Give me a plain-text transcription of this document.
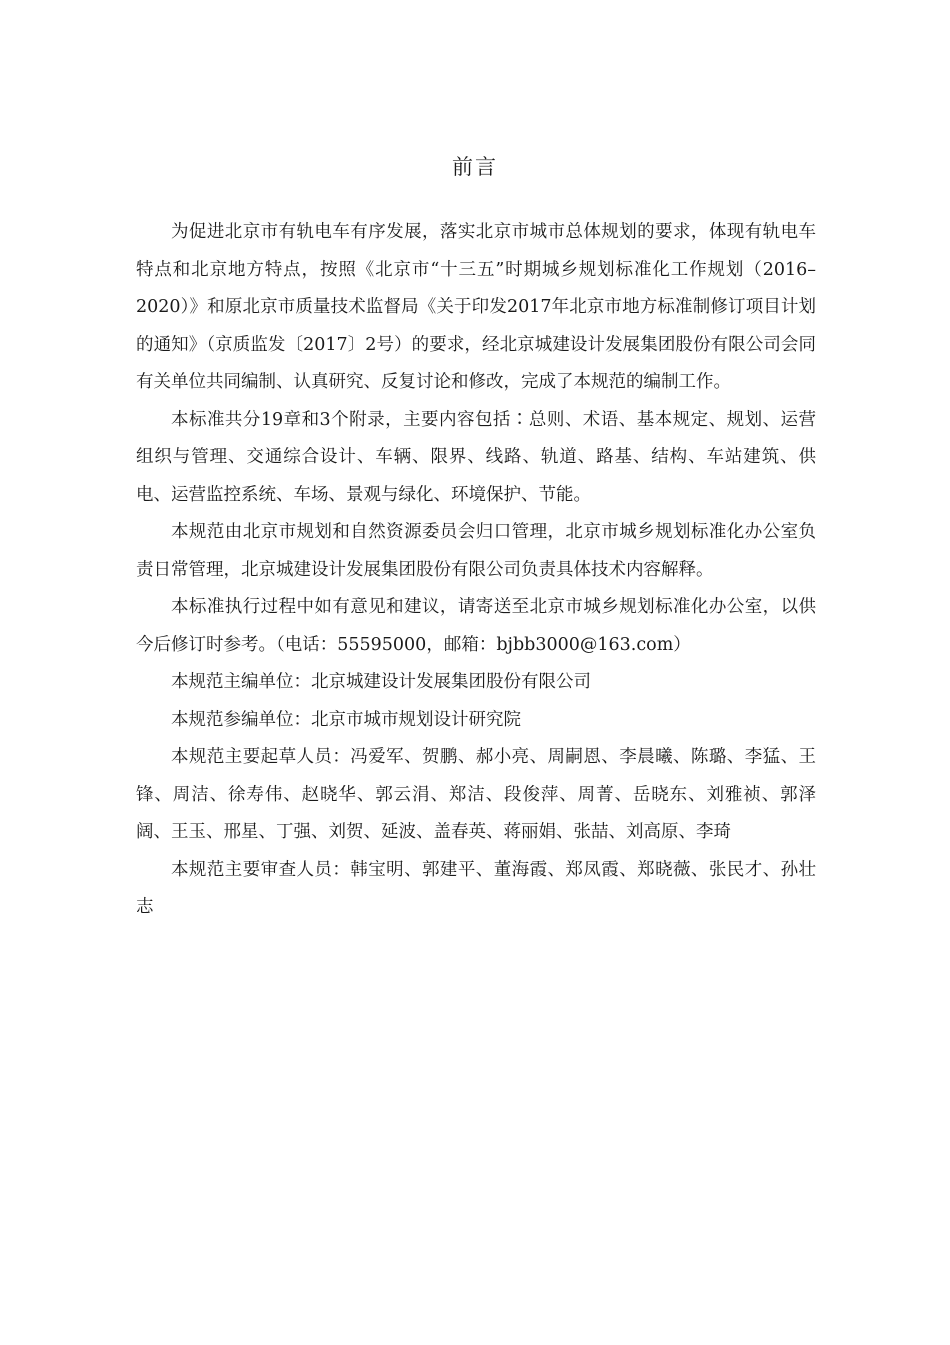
前言

为促进北京市有轨电车有序发展，落实北京市城市总体规划的要求，体现有轨电车特点和北京地方特点，按照《北京市“十三五”时期城乡规划标准化工作规划（2016–2020）》和原北京市质量技术监督局《关于印发2017年北京市地方标准制修订项目计划的通知》（京质监发〔2017〕2号）的要求，经北京城建设计发展集团股份有限公司会同有关单位共同编制、认真研究、反复讨论和修改，完成了本规范的编制工作。

本标准共分19章和3个附录，主要内容包括∶总则、术语、基本规定、规划、运营组织与管理、交通综合设计、车辆、限界、线路、轨道、路基、结构、车站建筑、供电、运营监控系统、车场、景观与绿化、环境保护、节能。

本规范由北京市规划和自然资源委员会归口管理，北京市城乡规划标准化办公室负责日常管理，北京城建设计发展集团股份有限公司负责具体技术内容解释。

本标准执行过程中如有意见和建议，请寄送至北京市城乡规划标准化办公室，以供今后修订时参考。（电话：55595000，邮箱：bjbb3000@163.com）

本规范主编单位：北京城建设计发展集团股份有限公司

本规范参编单位：北京市城市规划设计研究院

本规范主要起草人员：冯爱军、贺鹏、郝小亮、周嗣恩、李晨曦、陈璐、李猛、王锋、周洁、徐寿伟、赵晓华、郭云涓、郑洁、段俊萍、周菁、岳晓东、刘雅祯、郭泽阔、王玉、邢星、丁强、刘贺、延波、盖春英、蒋丽娟、张喆、刘高原、李琦

本规范主要审查人员：韩宝明、郭建平、董海霞、郑凤霞、郑晓薇、张民才、孙壮志
